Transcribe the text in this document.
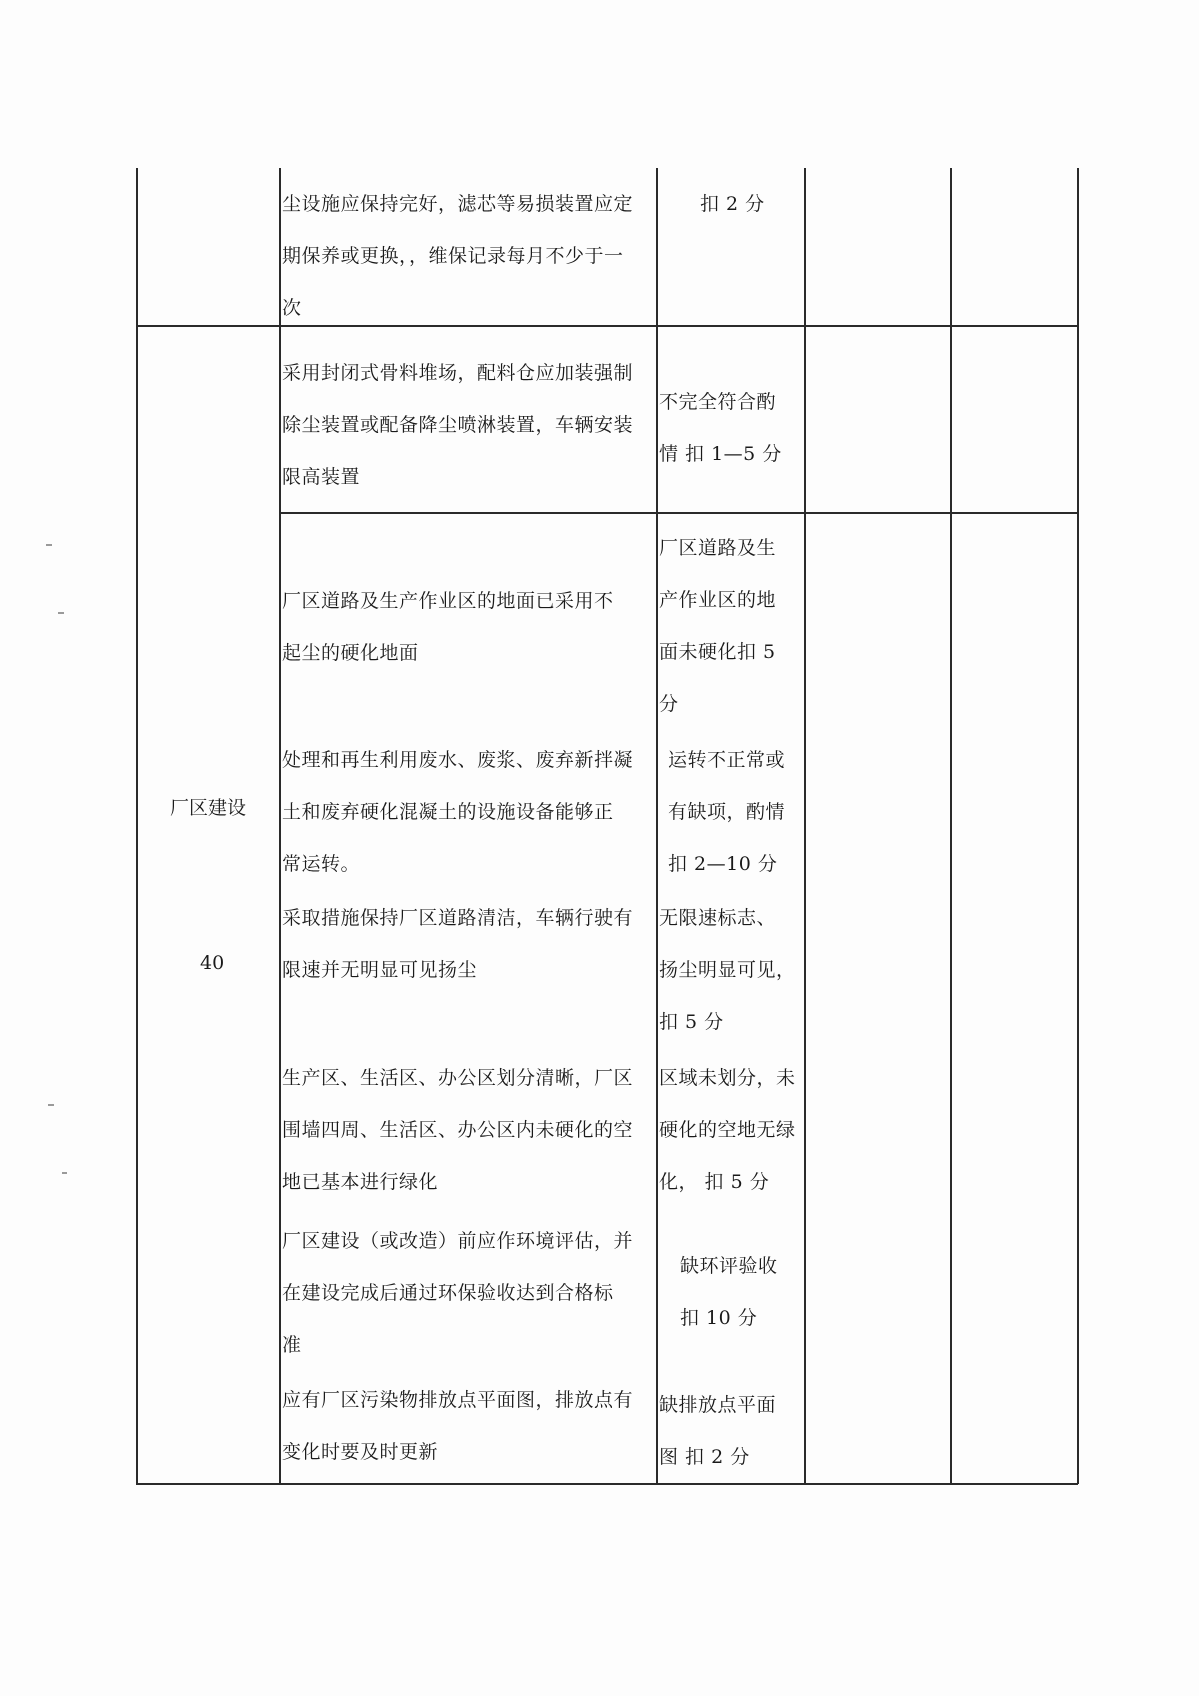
厂区建设
40
尘设施应保持完好，滤芯等易损装置应定
期保养或更换，，维保记录每月不少于一
次
扣 2 分
采用封闭式骨料堆场，配料仓应加装强制
除尘装置或配备降尘喷淋装置，车辆安装
限高装置
不完全符合酌
情 扣 1—5 分
厂区道路及生产作业区的地面已采用不
起尘的硬化地面
厂区道路及生
产作业区的地
面未硬化扣 5
分
处理和再生利用废水、废浆、废弃新拌凝
土和废弃硬化混凝土的设施设备能够正
常运转。
运转不正常或
有缺项，酌情
扣 2—10 分
采取措施保持厂区道路清洁，车辆行驶有
限速并无明显可见扬尘
无限速标志、
扬尘明显可见，
扣 5 分
生产区、生活区、办公区划分清晰，厂区
围墙四周、生活区、办公区内未硬化的空
地已基本进行绿化
区域未划分，未
硬化的空地无绿
化， 扣 5 分
厂区建设（或改造）前应作环境评估，并
在建设完成后通过环保验收达到合格标
准
缺环评验收
扣 10 分
应有厂区污染物排放点平面图，排放点有
变化时要及时更新
缺排放点平面
图 扣 2 分
